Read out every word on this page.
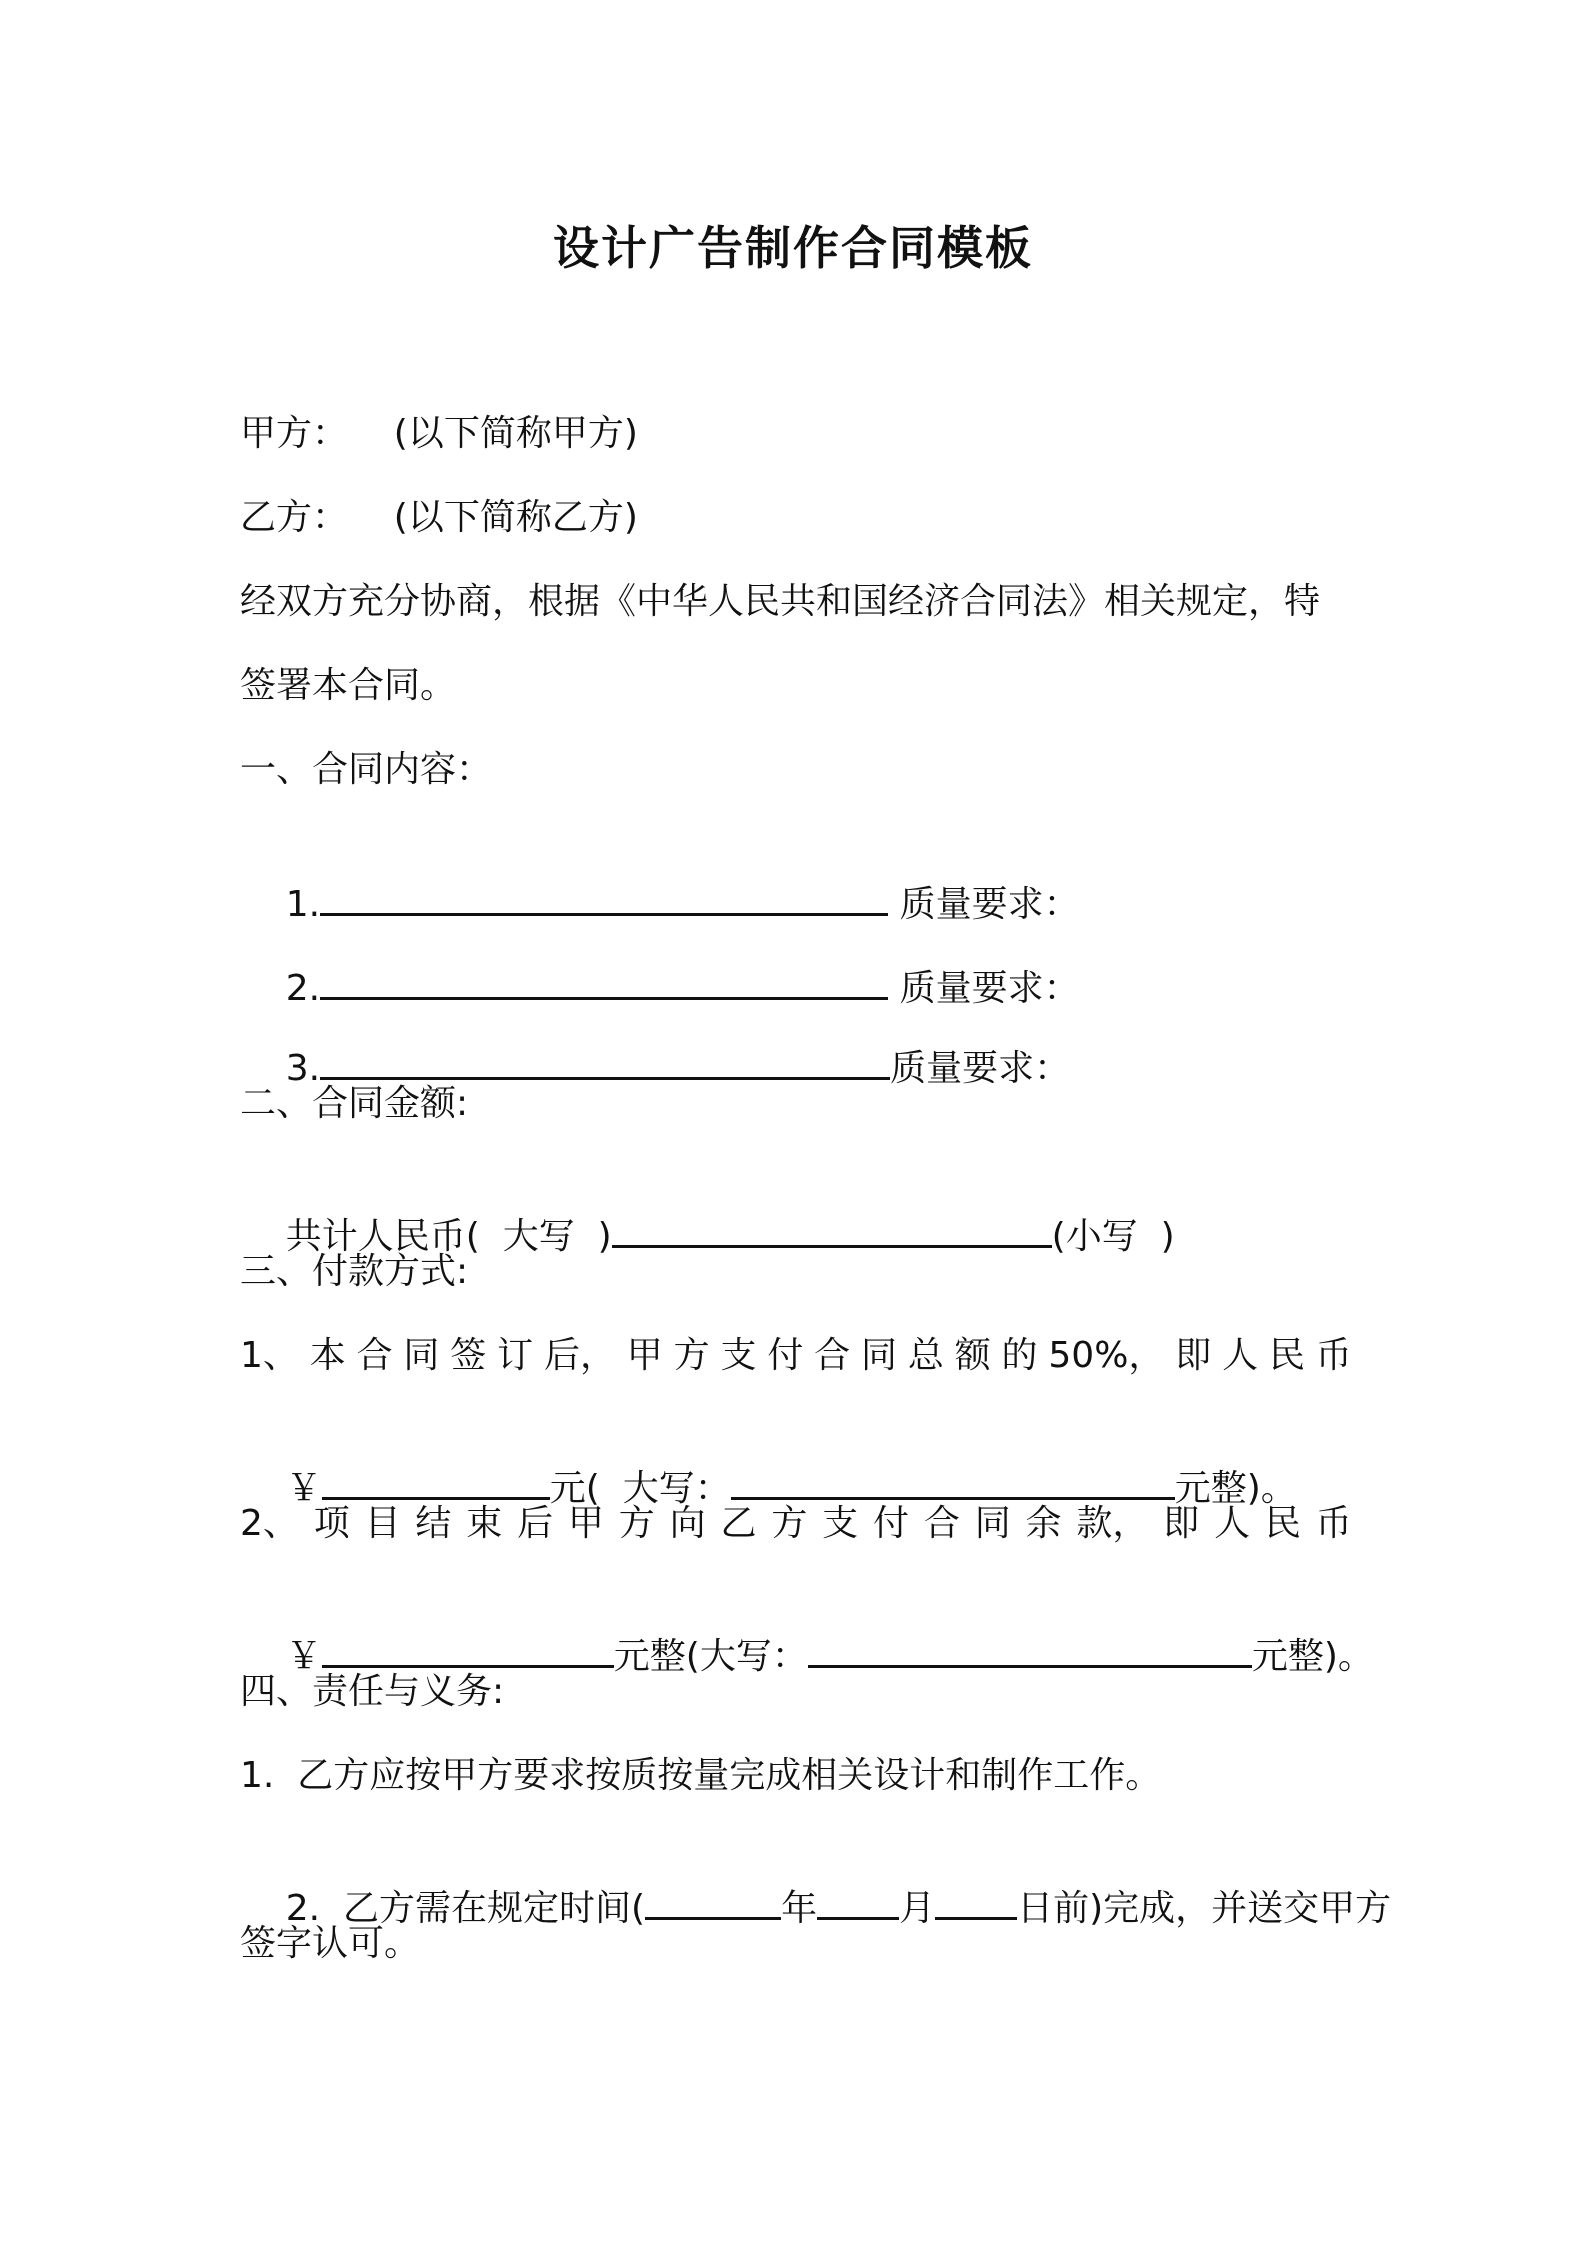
设计广告制作合同模板
甲方：    (以下简称甲方)
乙方：    (以下简称乙方)
经双方充分协商，根据《中华人民共和国经济合同法》相关规定，特
签署本合同。
一、合同内容：

1.	质量要求：

2.	质量要求：

3.	质量要求：

二、合同金额:

共计人民币(  大写  )	(小写  )

三、付款方式:
1、 本 合 同 签 订 后， 甲 方 支 付 合 同 总 额 的 50%， 即 人 民 币

￥	元(  大写：	元整)。

2、 项 目 结 束 后 甲 方 向 乙 方 支 付 合 同 余 款， 即 人 民 币

￥	元整(大写：	元整)。

四、责任与义务:
1.  乙方应按甲方要求按质按量完成相关设计和制作工作。

2.  乙方需在规定时间(	年 月 日前)完成，并送交甲方

签字认可。
